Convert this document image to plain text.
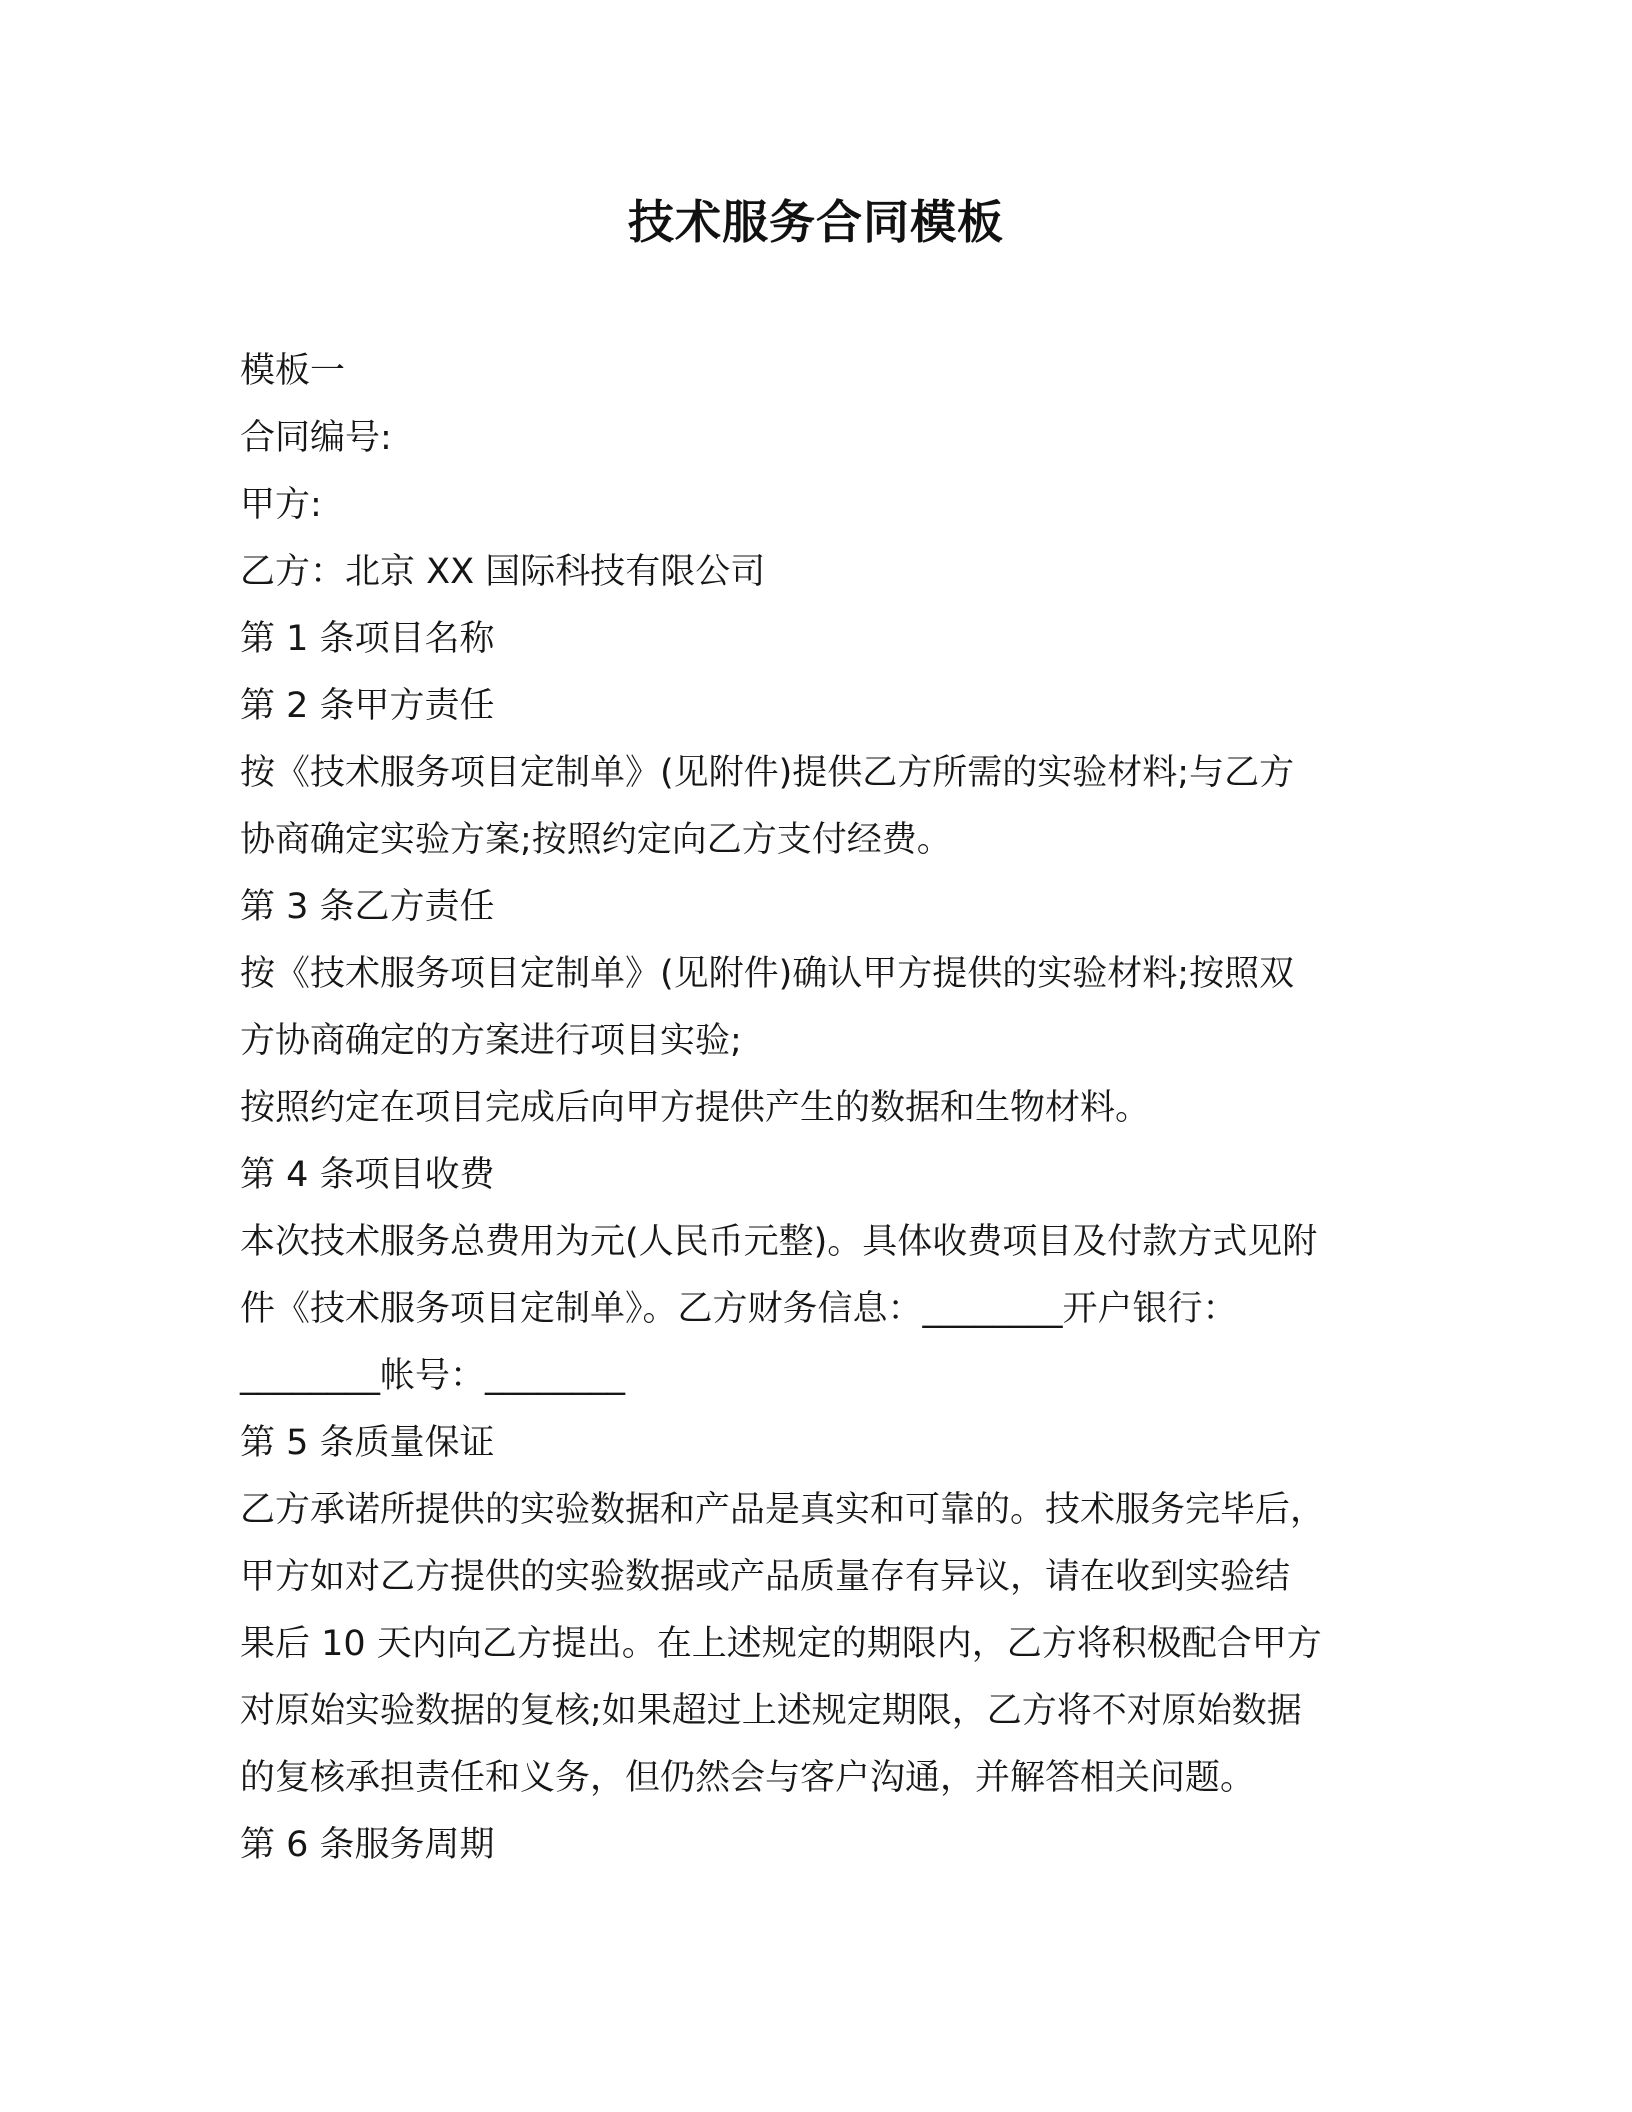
技术服务合同模板
模板一
合同编号:
甲方:
乙方：北京 XX 国际科技有限公司
第 1 条项目名称
第 2 条甲方责任
按《技术服务项目定制单》(见附件)提供乙方所需的实验材料;与乙方
协商确定实验方案;按照约定向乙方支付经费。
第 3 条乙方责任
按《技术服务项目定制单》(见附件)确认甲方提供的实验材料;按照双
方协商确定的方案进行项目实验;
按照约定在项目完成后向甲方提供产生的数据和生物材料。
第 4 条项目收费
本次技术服务总费用为元(人民币元整)。具体收费项目及付款方式见附
件《技术服务项目定制单》。乙方财务信息：________开户银行：
________帐号：________
第 5 条质量保证
乙方承诺所提供的实验数据和产品是真实和可靠的。技术服务完毕后，
甲方如对乙方提供的实验数据或产品质量存有异议，请在收到实验结
果后 10 天内向乙方提出。在上述规定的期限内，乙方将积极配合甲方
对原始实验数据的复核;如果超过上述规定期限，乙方将不对原始数据
的复核承担责任和义务，但仍然会与客户沟通，并解答相关问题。
第 6 条服务周期
